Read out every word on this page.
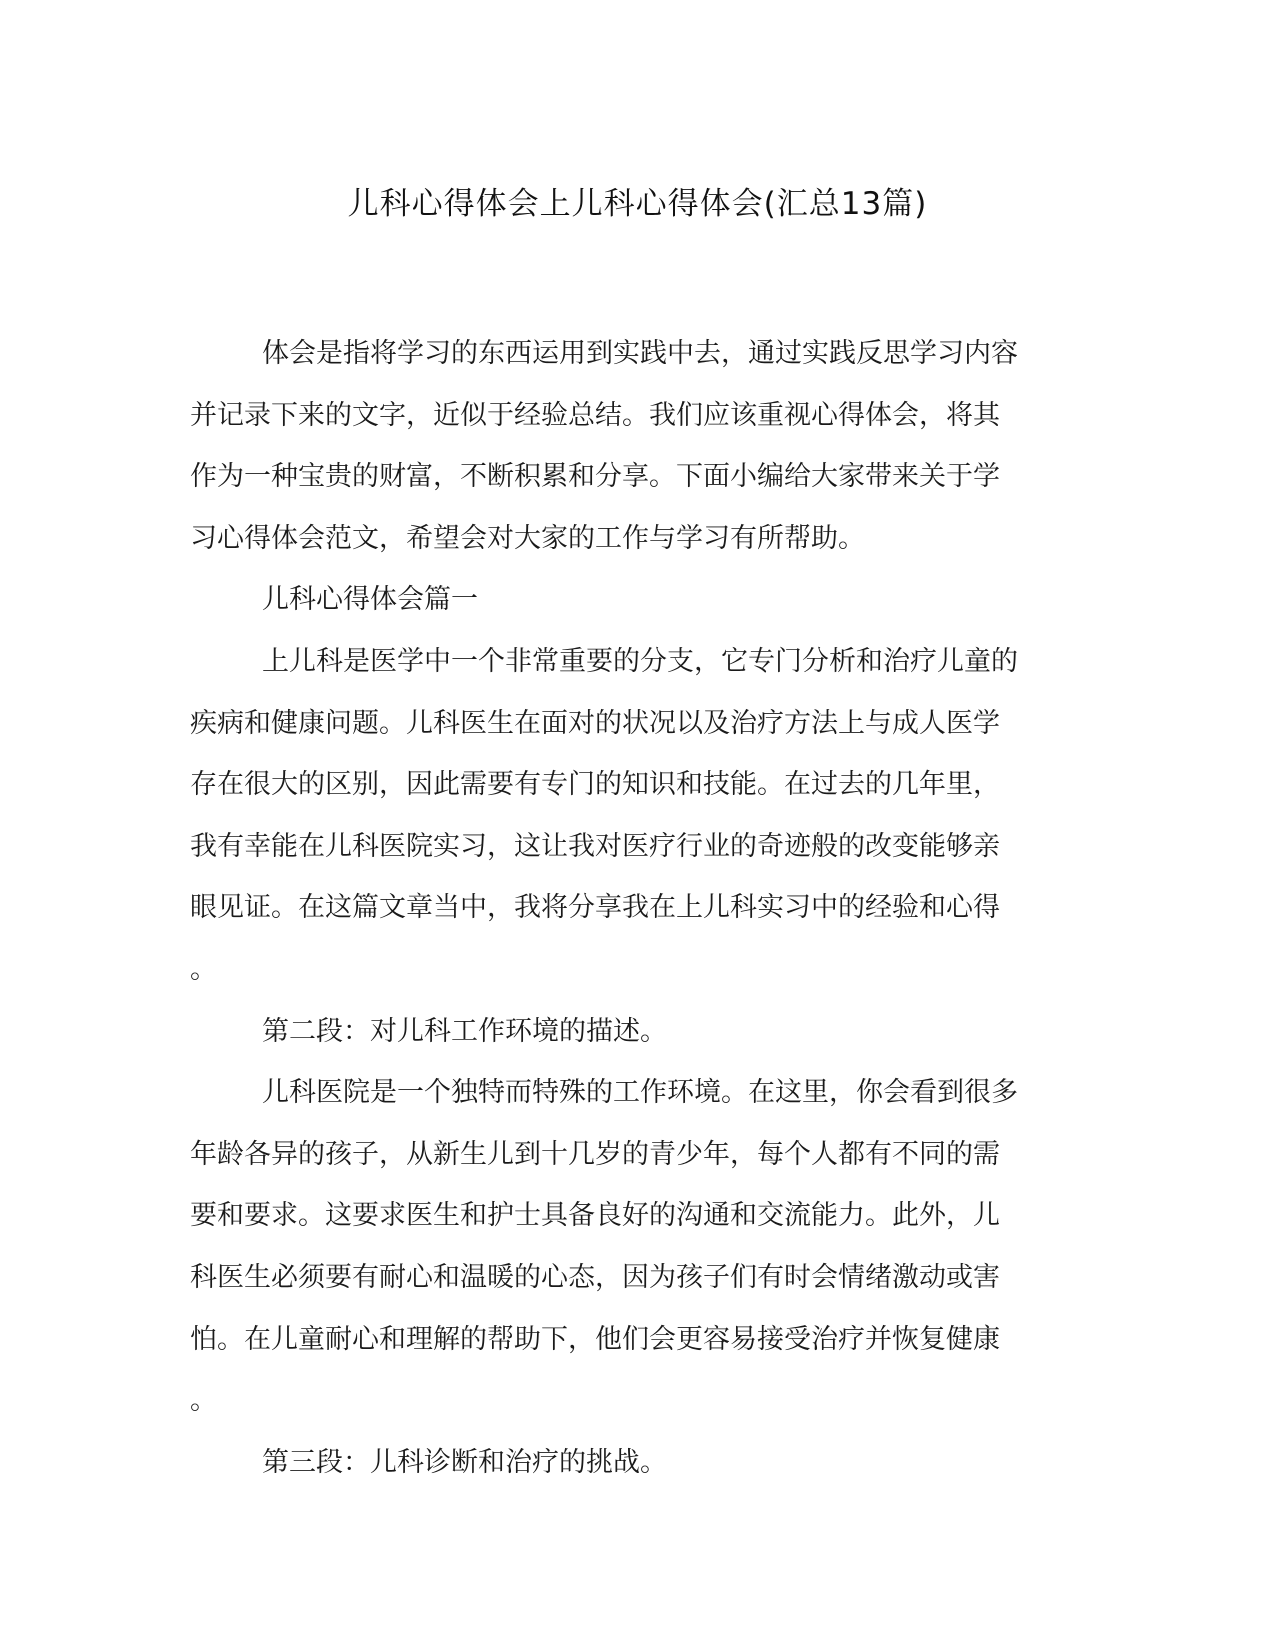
儿科心得体会上儿科心得体会(汇总13篇)
体会是指将学习的东西运用到实践中去，通过实践反思学习内容
并记录下来的文字，近似于经验总结。我们应该重视心得体会，将其
作为一种宝贵的财富，不断积累和分享。下面小编给大家带来关于学
习心得体会范文，希望会对大家的工作与学习有所帮助。
儿科心得体会篇一
上儿科是医学中一个非常重要的分支，它专门分析和治疗儿童的
疾病和健康问题。儿科医生在面对的状况以及治疗方法上与成人医学
存在很大的区别，因此需要有专门的知识和技能。在过去的几年里，
我有幸能在儿科医院实习，这让我对医疗行业的奇迹般的改变能够亲
眼见证。在这篇文章当中，我将分享我在上儿科实习中的经验和心得
。
第二段：对儿科工作环境的描述。
儿科医院是一个独特而特殊的工作环境。在这里，你会看到很多
年龄各异的孩子，从新生儿到十几岁的青少年，每个人都有不同的需
要和要求。这要求医生和护士具备良好的沟通和交流能力。此外，儿
科医生必须要有耐心和温暖的心态，因为孩子们有时会情绪激动或害
怕。在儿童耐心和理解的帮助下，他们会更容易接受治疗并恢复健康
。
第三段：儿科诊断和治疗的挑战。
